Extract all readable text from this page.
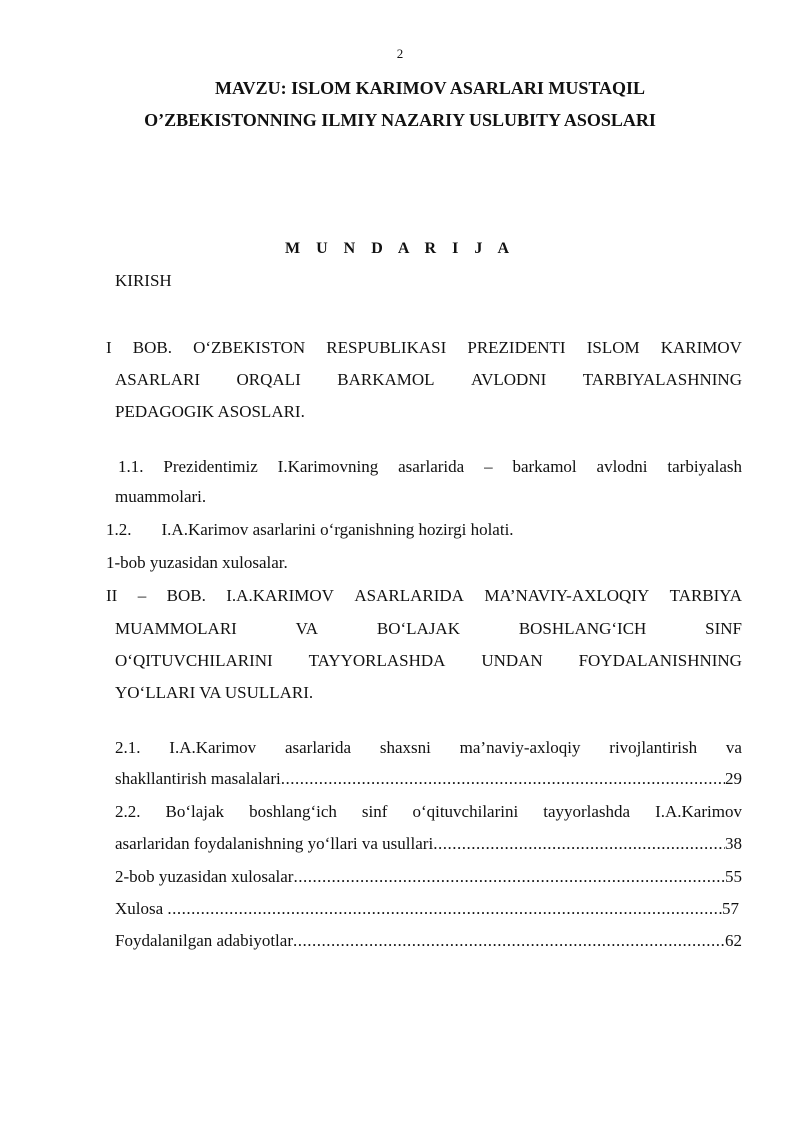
2
MAVZU: ISLOM KARIMOV ASARLARI MUSTAQIL
O’ZBEKISTONNING ILMIY NAZARIY USLUBITY ASOSLARI
M U N D A R I J A
KIRISH
I BOB. O‘ZBEKISTON RESPUBLIKASI PREZIDENTI ISLOM KARIMOV
ASARLARI ORQALI BARKAMOL AVLODNI TARBIYALASHNING
PEDAGOGIK ASOSLARI.
1.1. Prezidentimiz I.Karimovning asarlarida – barkamol avlodni tarbiyalash
muammolari.
1.2. I.A.Karimov asarlarini o‘rganishning hozirgi holati.
1-bob yuzasidan xulosalar.
II – BOB. I.A.KARIMOV ASARLARIDA MA’NAVIY-AXLOQIY TARBIYA
MUAMMOLARI	VA	BO‘LAJAK	BOSHLANG‘ICH	SINF
O‘QITUVCHILARINI TAYYORLASHDA UNDAN FOYDALANISHNING
YO‘LLARI VA USULLARI.
2.1. I.A.Karimov asarlarida shaxsni ma’naviy-axloqiy rivojlantirish va
shakllantirish masalalari .....	29
2.2. Bo‘lajak boshlang‘ich sinf o‘qituvchilarini tayyorlashda I.A.Karimov
asarlaridan foydalanishning yo‘llari va usullari .....	38
2-bob yuzasidan xulosalar .....	55
Xulosa .....	57
Foydalanilgan adabiyotlar .....	62
